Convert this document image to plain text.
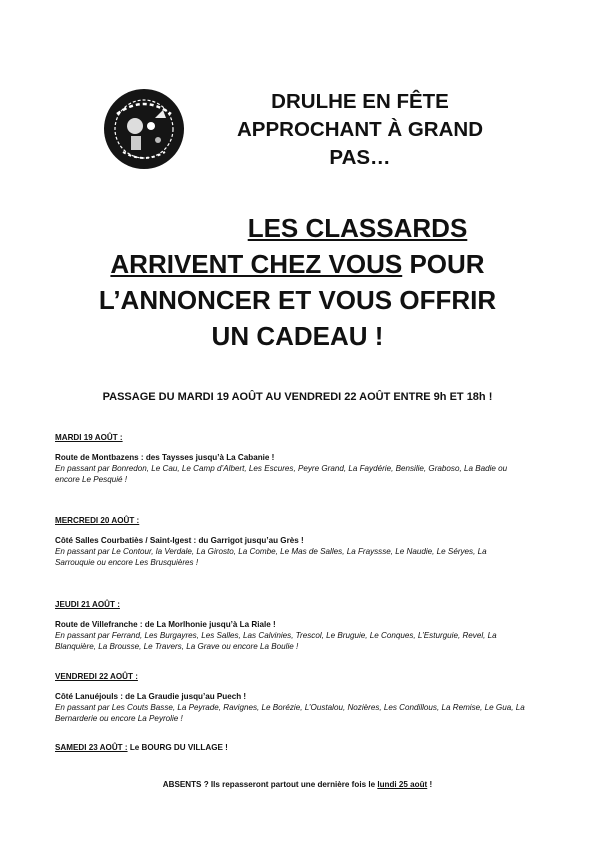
DRULHE EN FÊTE
APPROCHANT À GRAND
PAS…
LES CLASSARDS
ARRIVENT CHEZ VOUS POUR
L’ANNONCER ET VOUS OFFRIR
UN CADEAU !
PASSAGE DU MARDI 19 AOÛT AU VENDREDI 22 AOÛT ENTRE 9h ET 18h !
MARDI 19 AOÛT :
Route de Montbazens : des Taysses jusqu’à La Cabanie !
En passant par Bonredon, Le Cau, Le Camp d’Albert, Les Escures, Peyre Grand, La Faydérie, Bensilie, Graboso, La Badie ou encore Le Pesquié !
MERCREDI 20 AOÛT :
Côté Salles Courbatiès / Saint-Igest : du Garrigot jusqu’au Grès !
En passant par Le Contour, la Verdale, La Girosto, La Combe, Le Mas de Salles, La Frayssse, Le Naudie, Le Séryes, La Sarrouquie ou encore Les Brusquières !
JEUDI 21 AOÛT :
Route de Villefranche : de La Morlhonie jusqu’à La Riale !
En passant par Ferrand, Les Burgayres, Les Salles, Las Calvinies, Trescol, Le Bruguie, Le Conques, L’Esturguie, Revel, La Blanquière, La Brousse, Le Travers, La Grave ou encore La Boulie !
VENDREDI 22 AOÛT :
Côté Lanuéjouls : de La Graudie jusqu’au Puech !
En passant par Les Couts Basse, La Peyrade, Ravignes, Le Borézie, L’Oustalou, Nozières, Les Condillous, La Remise, Le Gua, La Bernarderie ou encore La Peyrolie !
SAMEDI 23 AOÛT : Le BOURG DU VILLAGE !
ABSENTS ? Ils repasseront partout une dernière fois le lundi 25 août !
